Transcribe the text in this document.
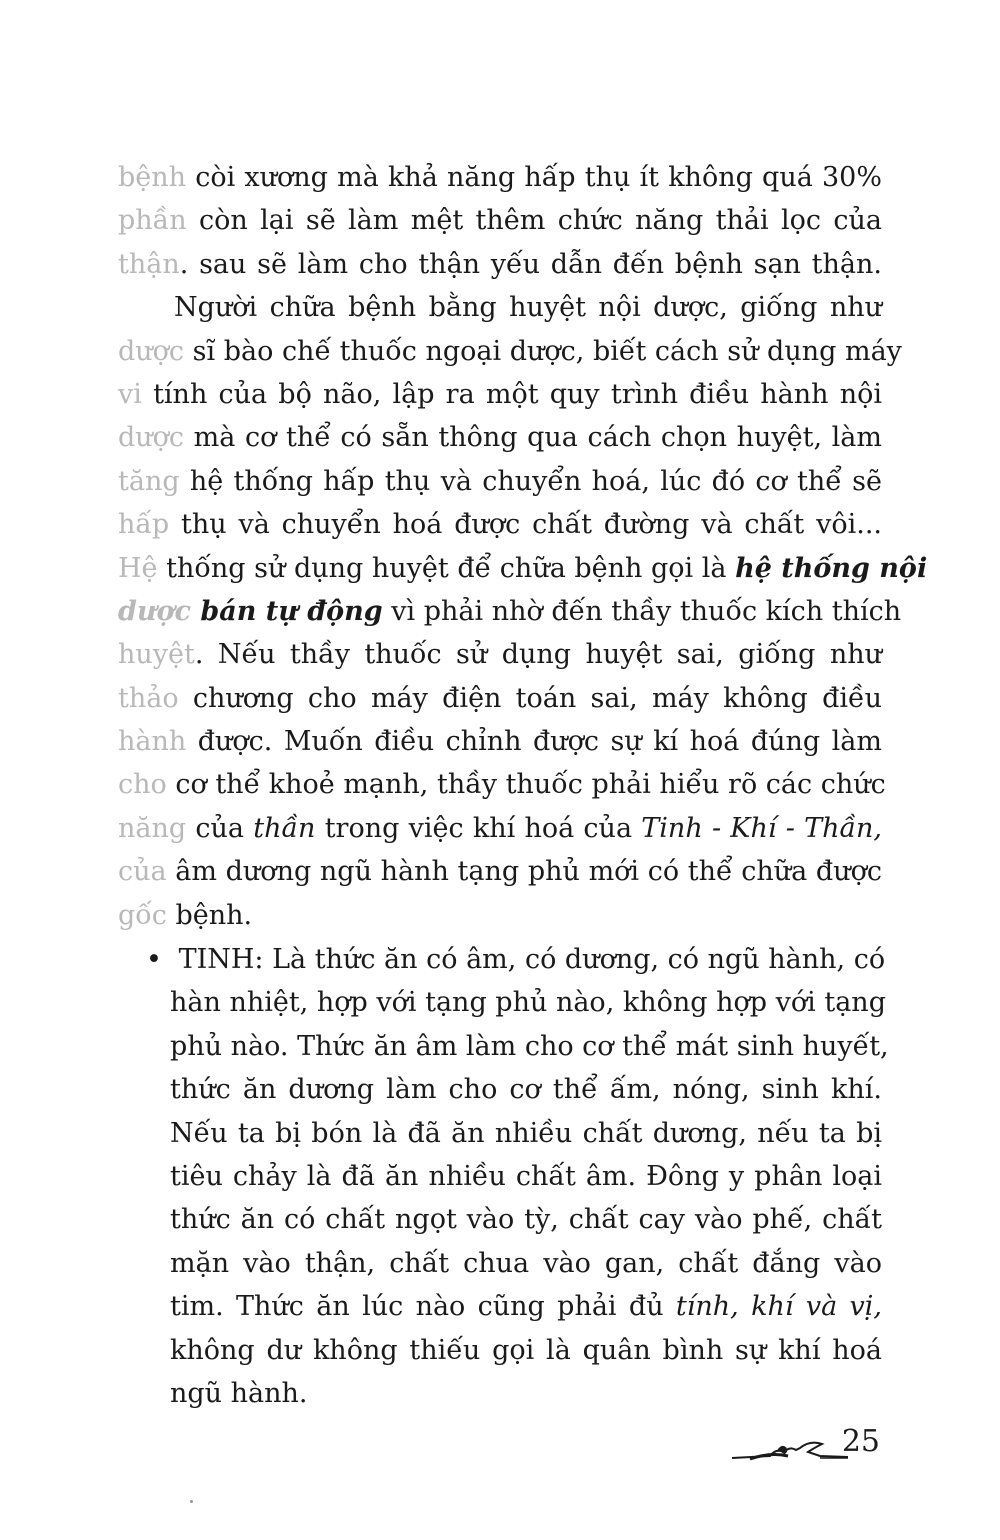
bệnh còi xương mà khả năng hấp thụ ít không quá 30%
phần còn lại sẽ làm mệt thêm chức năng thải lọc của
thận. sau sẽ làm cho thận yếu dẫn đến bệnh sạn thận.
Người chữa bệnh bằng huyệt nội dược, giống như
dược sĩ bào chế thuốc ngoại dược, biết cách sử dụng máy
vi tính của bộ não, lập ra một quy trình điều hành nội
dược mà cơ thể có sẵn thông qua cách chọn huyệt, làm
tăng hệ thống hấp thụ và chuyển hoá, lúc đó cơ thể sẽ
hấp thụ và chuyển hoá được chất đường và chất vôi...
Hệ thống sử dụng huyệt để chữa bệnh gọi là hệ thống nội
dược bán tự động vì phải nhờ đến thầy thuốc kích thích
huyệt. Nếu thầy thuốc sử dụng huyệt sai, giống như
thảo chương cho máy điện toán sai, máy không điều
hành được. Muốn điều chỉnh được sự kí hoá đúng làm
cho cơ thể khoẻ mạnh, thầy thuốc phải hiểu rõ các chức
năng của thần trong việc khí hoá của Tinh - Khí - Thần,
của âm dương ngũ hành tạng phủ mới có thể chữa được
gốc bệnh.
• TINH: Là thức ăn có âm, có dương, có ngũ hành, có
hàn nhiệt, hợp với tạng phủ nào, không hợp với tạng
phủ nào. Thức ăn âm làm cho cơ thể mát sinh huyết,
thức ăn dương làm cho cơ thể ấm, nóng, sinh khí.
Nếu ta bị bón là đã ăn nhiều chất dương, nếu ta bị
tiêu chảy là đã ăn nhiều chất âm. Đông y phân loại
thức ăn có chất ngọt vào tỳ, chất cay vào phế, chất
mặn vào thận, chất chua vào gan, chất đắng vào
tim. Thức ăn lúc nào cũng phải đủ tính, khí và vị,
không dư không thiếu gọi là quân bình sự khí hoá
ngũ hành.
25
